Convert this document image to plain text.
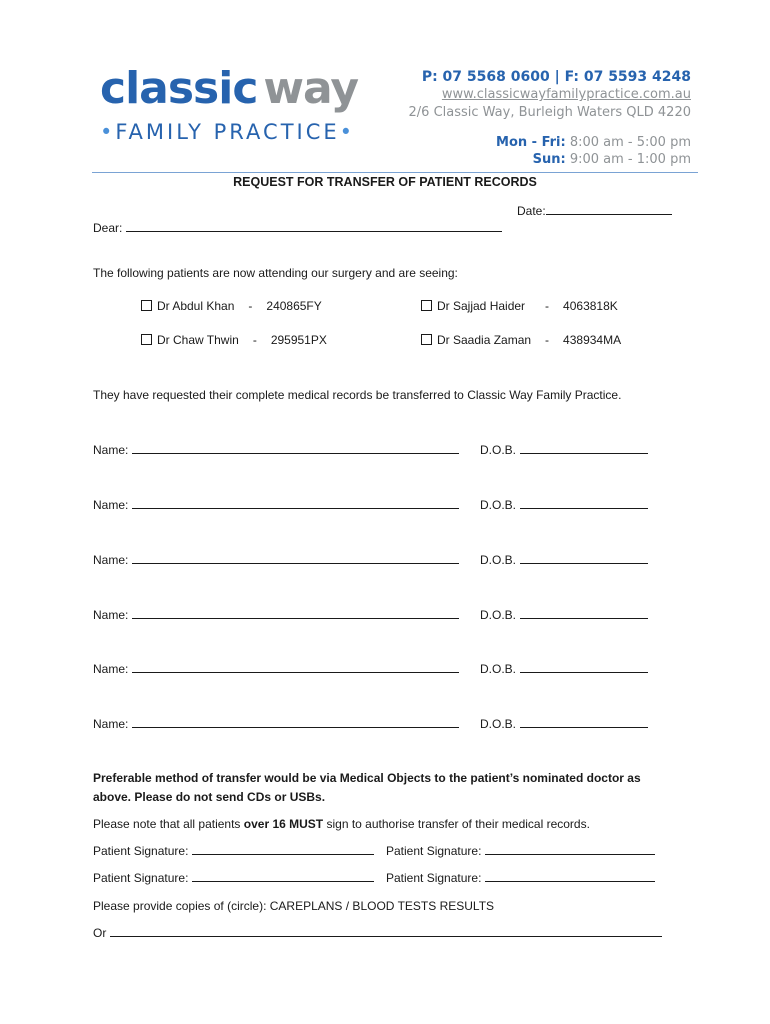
classic way
•FAMILY PRACTICE•
P: 07 5568 0600 | F: 07 5593 4248
www.classicwayfamilypractice.com.au
2/6 Classic Way, Burleigh Waters QLD 4220
Mon - Fri: 8:00 am - 5:00 pm
Sun: 9:00 am - 1:00 pm
REQUEST FOR TRANSFER OF PATIENT RECORDS
Date:
Dear:
The following patients are now attending our surgery and are seeing:
Dr Abdul Khan - 240865FY	Dr Sajjad Haider - 4063818K
Dr Chaw Thwin - 295951PX	Dr Saadia Zaman - 438934MA
They have requested their complete medical records be transferred to Classic Way Family Practice.
Name:	D.O.B.
Name:	D.O.B.
Name:	D.O.B.
Name:	D.O.B.
Name:	D.O.B.
Name:	D.O.B.
Preferable method of transfer would be via Medical Objects to the patient’s nominated doctor as
above. Please do not send CDs or USBs.
Please note that all patients over 16 MUST sign to authorise transfer of their medical records.
Patient Signature:	Patient Signature:
Patient Signature:	Patient Signature:
Please provide copies of (circle): CAREPLANS / BLOOD TESTS RESULTS
Or
